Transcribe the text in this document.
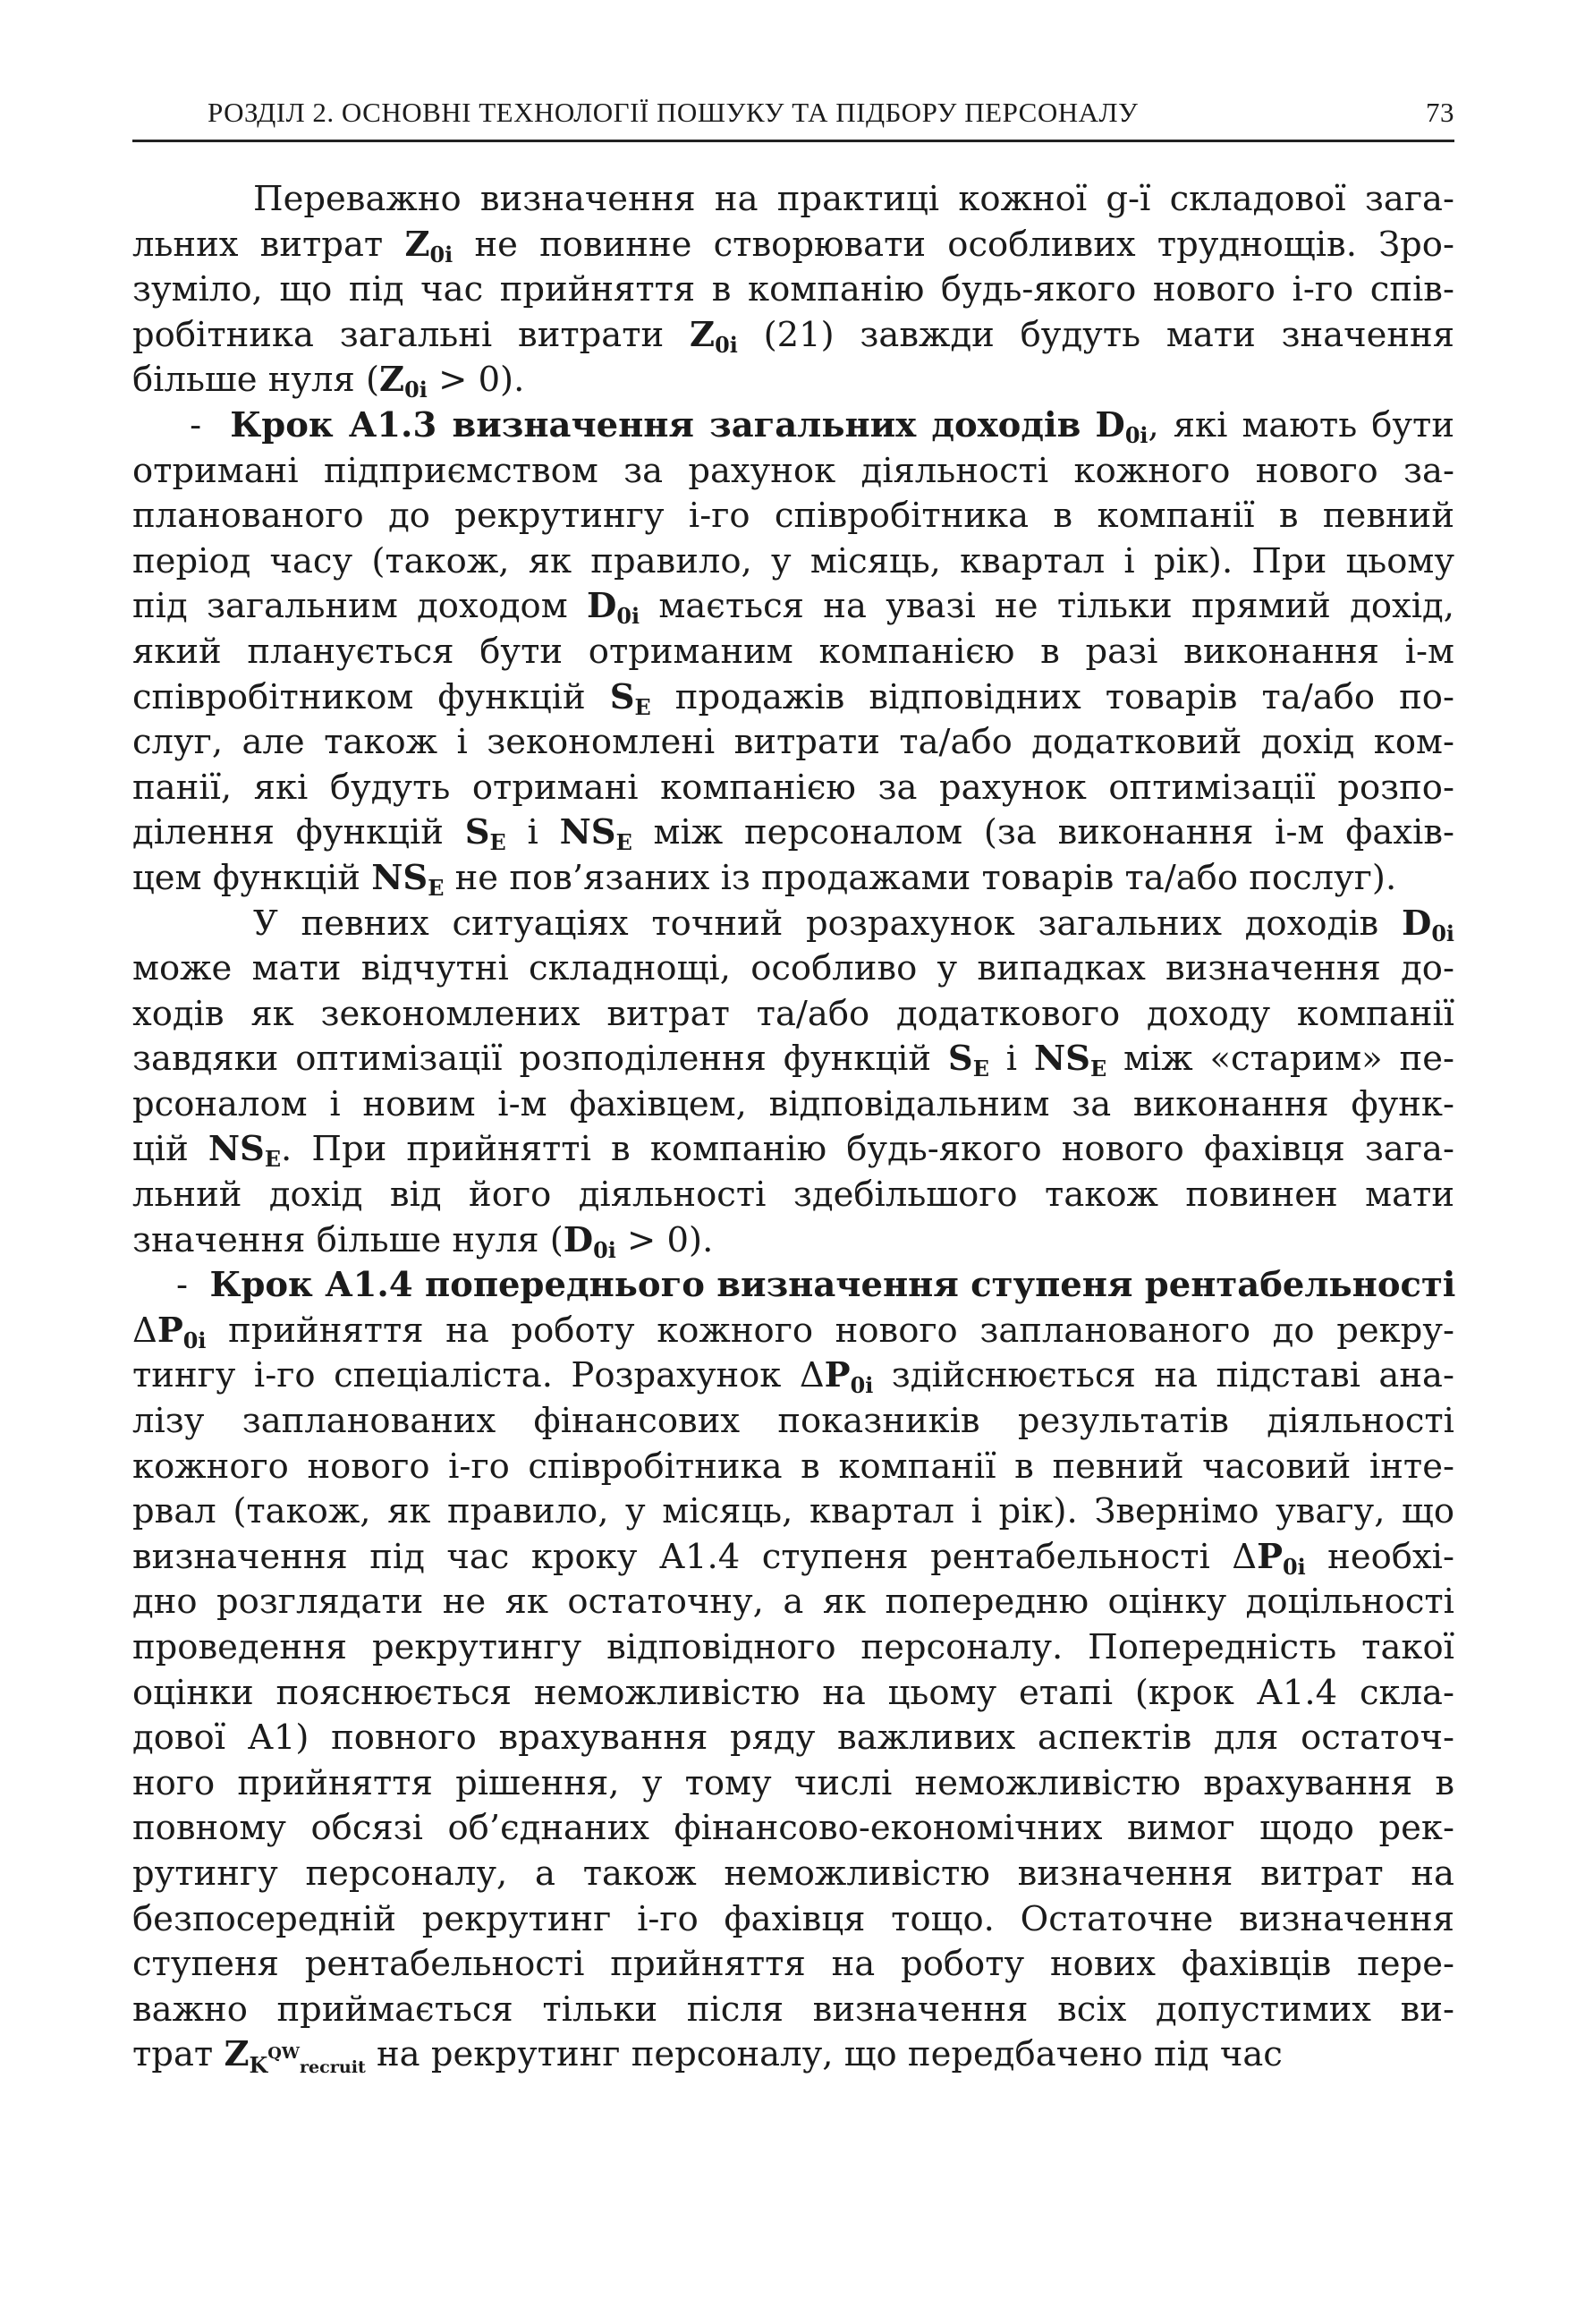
РОЗДІЛ 2. ОСНОВНІ ТЕХНОЛОГІЇ ПОШУКУ ТА ПІДБОРУ ПЕРСОНАЛУ	73

Переважно визначення на практиці кожної g-ї складової зага-
льних витрат $Z_{0i}$ не повинне створювати особливих труднощів. Зро-
зуміло, що під час прийняття в компанію будь-якого нового і-го спів-
робітника загальні витрати $Z_{0i}$ (21) завжди будуть мати значення
більше нуля $(Z_{0i} > 0)$.

-  Крок А1.3 визначення загальних доходів $D_{0i}$, які мають бути
отримані підприємством за рахунок діяльності кожного нового за-
планованого до рекрутингу і-го співробітника в компанії в певний
період часу (також, як правило, у місяць, квартал і рік). При цьому
під загальним доходом $D_{0i}$ мається на увазі не тільки прямий дохід,
який планується бути отриманим компанією в разі виконання і-м
співробітником функцій $S_E$ продажів відповідних товарів та/або по-
слуг, але також і зекономлені витрати та/або додатковий дохід ком-
панії, які будуть отримані компанією за рахунок оптимізації розпо-
ділення функцій $S_E$ і $NS_E$ між персоналом (за виконання і-м фахів-
цем функцій $NS_E$ не пов’язаних із продажами товарів та/або послуг).

У певних ситуаціях точний розрахунок загальних доходів $D_{0i}$
може мати відчутні складнощі, особливо у випадках визначення до-
ходів як зекономлених витрат та/або додаткового доходу компанії
завдяки оптимізації розподілення функцій $S_E$ і $NS_E$ між «старим» пе-
рсоналом і новим і-м фахівцем, відповідальним за виконання функ-
цій $NS_E$. При прийнятті в компанію будь-якого нового фахівця зага-
льний дохід від його діяльності здебільшого також повинен мати
значення більше нуля $(D_{0i} > 0)$.

-  Крок А1.4 попереднього визначення ступеня рентабельності
$\Delta P_{0i}$ прийняття на роботу кожного нового запланованого до рекру-
тингу і-го спеціаліста. Розрахунок $\Delta P_{0i}$ здійснюється на підставі ана-
лізу запланованих фінансових показників результатів діяльності
кожного нового і-го співробітника в компанії в певний часовий інте-
рвал (також, як правило, у місяць, квартал і рік). Звернімо увагу, що
визначення під час кроку А1.4 ступеня рентабельності $\Delta P_{0i}$ необхі-
дно розглядати не як остаточну, а як попередню оцінку доцільності
проведення рекрутингу відповідного персоналу. Попередність такої
оцінки пояснюється неможливістю на цьому етапі (крок А1.4 скла-
дової А1) повного врахування ряду важливих аспектів для остаточ-
ного прийняття рішення, у тому числі неможливістю врахування в
повному обсязі об’єднаних фінансово-економічних вимог щодо рек-
рутингу персоналу, а також неможливістю визначення витрат на
безпосередній рекрутинг і-го фахівця тощо. Остаточне визначення
ступеня рентабельності прийняття на роботу нових фахівців пере-
важно приймається тільки після визначення всіх допустимих ви-
трат $Z_{K^{QW}recruit}$ на рекрутинг персоналу, що передбачено під час
